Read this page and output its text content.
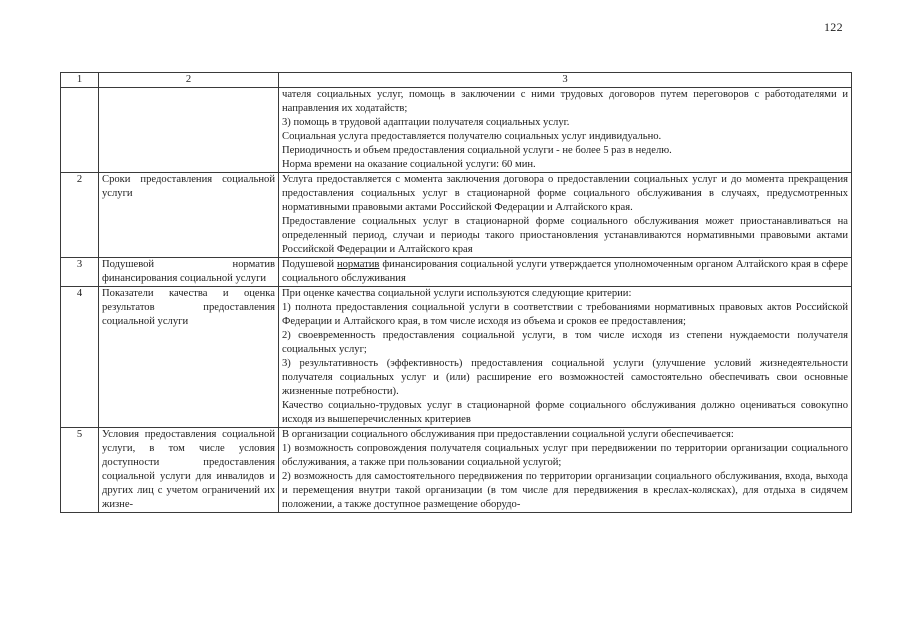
122
1	2	3

		чателя социальных услуг, помощь в заключении с ними трудовых договоров путем переговоров с работодателями и направления их ходатайств;

3) помощь в трудовой адаптации получателя социальных услуг.

Социальная услуга предоставляется получателю социальных услуг индивидуально.

Периодичность и объем предоставления социальной услуги - не более 5 раз в неделю.

Норма времени на оказание социальной услуги: 60 мин.

2	Сроки предоставления социальной услуги	Услуга предоставляется с момента заключения договора о предоставлении социальных услуг и до момента прекращения предоставления социальных услуг в стационарной форме социального обслуживания в случаях, предусмотренных нормативными правовыми актами Российской Федерации и Алтайского края.

Предоставление социальных услуг в стационарной форме социального обслуживания может приостанавливаться на определенный период, случаи и периоды такого приостановления устанавливаются нормативными правовыми актами Российской Федерации и Алтайского края

3	Подушевой норматив финансирования социальной услуги	Подушевой норматив финансирования социальной услуги утверждается уполномоченным органом Алтайского края в сфере социального обслуживания
4	Показатели качества и оценка результатов предоставления социальной услуги	При оценке качества социальной услуги используются следующие критерии:

1) полнота предоставления социальной услуги в соответствии с требованиями нормативных правовых актов Российской Федерации и Алтайского края, в том числе исходя из объема и сроков ее предоставления;

2) своевременность предоставления социальной услуги, в том числе исходя из степени нуждаемости получателя социальных услуг;

3) результативность (эффективность) предоставления социальной услуги (улучшение условий жизнедеятельности получателя социальных услуг и (или) расширение его возможностей самостоятельно обеспечивать свои основные жизненные потребности).

Качество социально-трудовых услуг в стационарной форме социального обслуживания должно оцениваться совокупно исходя из вышеперечисленных критериев

5	Условия предоставления социальной услуги, в том числе условия доступности предоставления социальной услуги для инвалидов и других лиц с учетом ограничений их жизне-	В организации социального обслуживания при предоставлении социальной услуги обеспечивается:

1) возможность сопровождения получателя социальных услуг при передвижении по территории организации социального обслуживания, а также при пользовании социальной услугой;

2) возможность для самостоятельного передвижения по территории организации социального обслуживания, входа, выхода и перемещения внутри такой организации (в том числе для передвижения в креслах-колясках), для отдыха в сидячем положении, а также доступное размещение оборудо-
